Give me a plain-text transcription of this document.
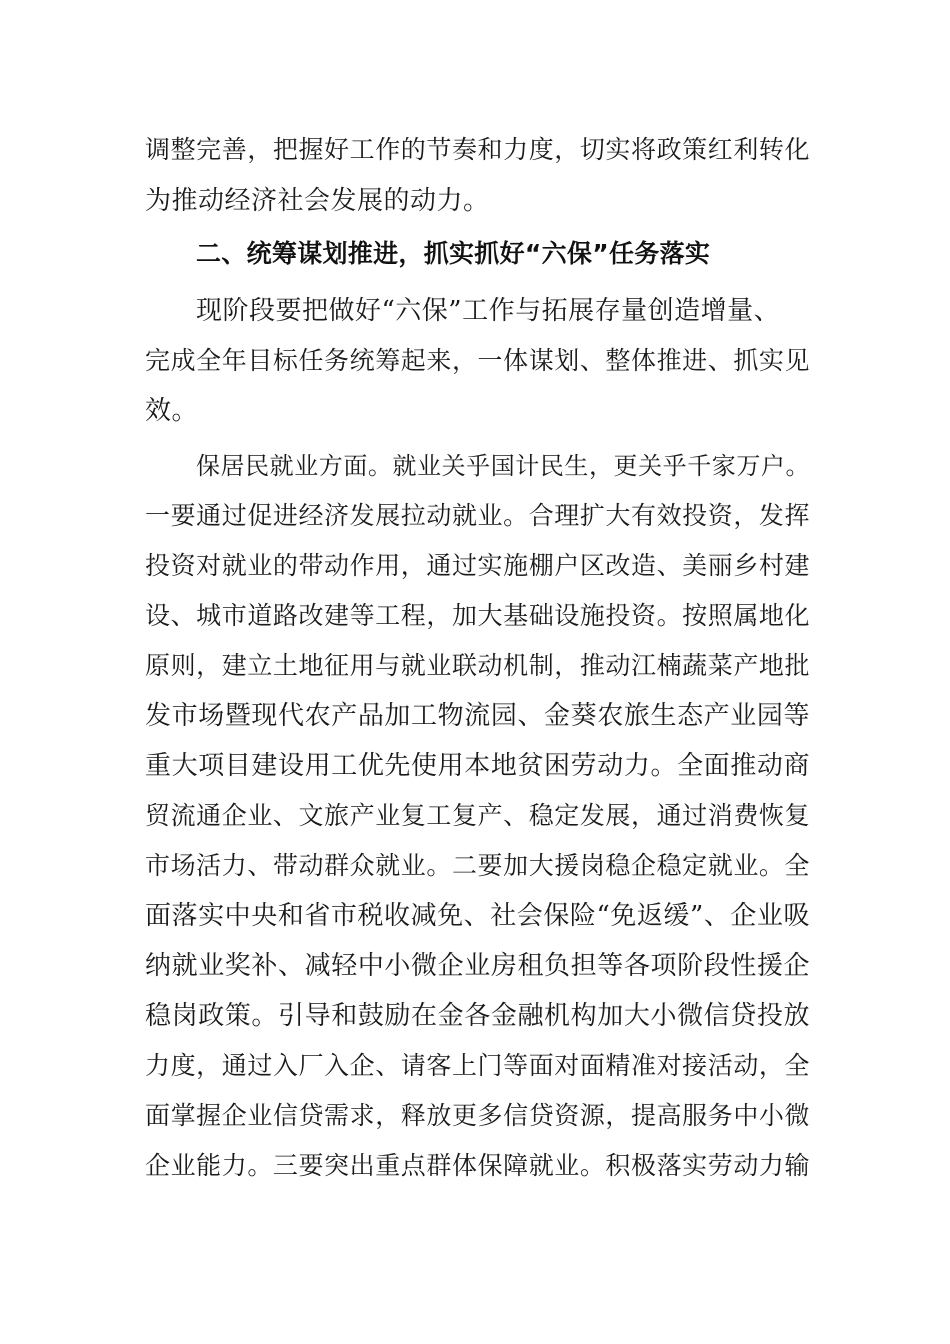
调整完善，把握好工作的节奏和力度，切实将政策红利转化
为推动经济社会发展的动力。
二、统筹谋划推进，抓实抓好“六保”任务落实
现阶段要把做好“六保”工作与拓展存量创造增量、
完成全年目标任务统筹起来，一体谋划、整体推进、抓实见
效。
保居民就业方面。就业关乎国计民生，更关乎千家万户。
一要通过促进经济发展拉动就业。合理扩大有效投资，发挥
投资对就业的带动作用，通过实施棚户区改造、美丽乡村建
设、城市道路改建等工程，加大基础设施投资。按照属地化
原则，建立土地征用与就业联动机制，推动江楠蔬菜产地批
发市场暨现代农产品加工物流园、金葵农旅生态产业园等
重大项目建设用工优先使用本地贫困劳动力。全面推动商
贸流通企业、文旅产业复工复产、稳定发展，通过消费恢复
市场活力、带动群众就业。二要加大援岗稳企稳定就业。全
面落实中央和省市税收减免、社会保险“免返缓”、企业吸
纳就业奖补、减轻中小微企业房租负担等各项阶段性援企
稳岗政策。引导和鼓励在金各金融机构加大小微信贷投放
力度，通过入厂入企、请客上门等面对面精准对接活动，全
面掌握企业信贷需求，释放更多信贷资源，提高服务中小微
企业能力。三要突出重点群体保障就业。积极落实劳动力输
